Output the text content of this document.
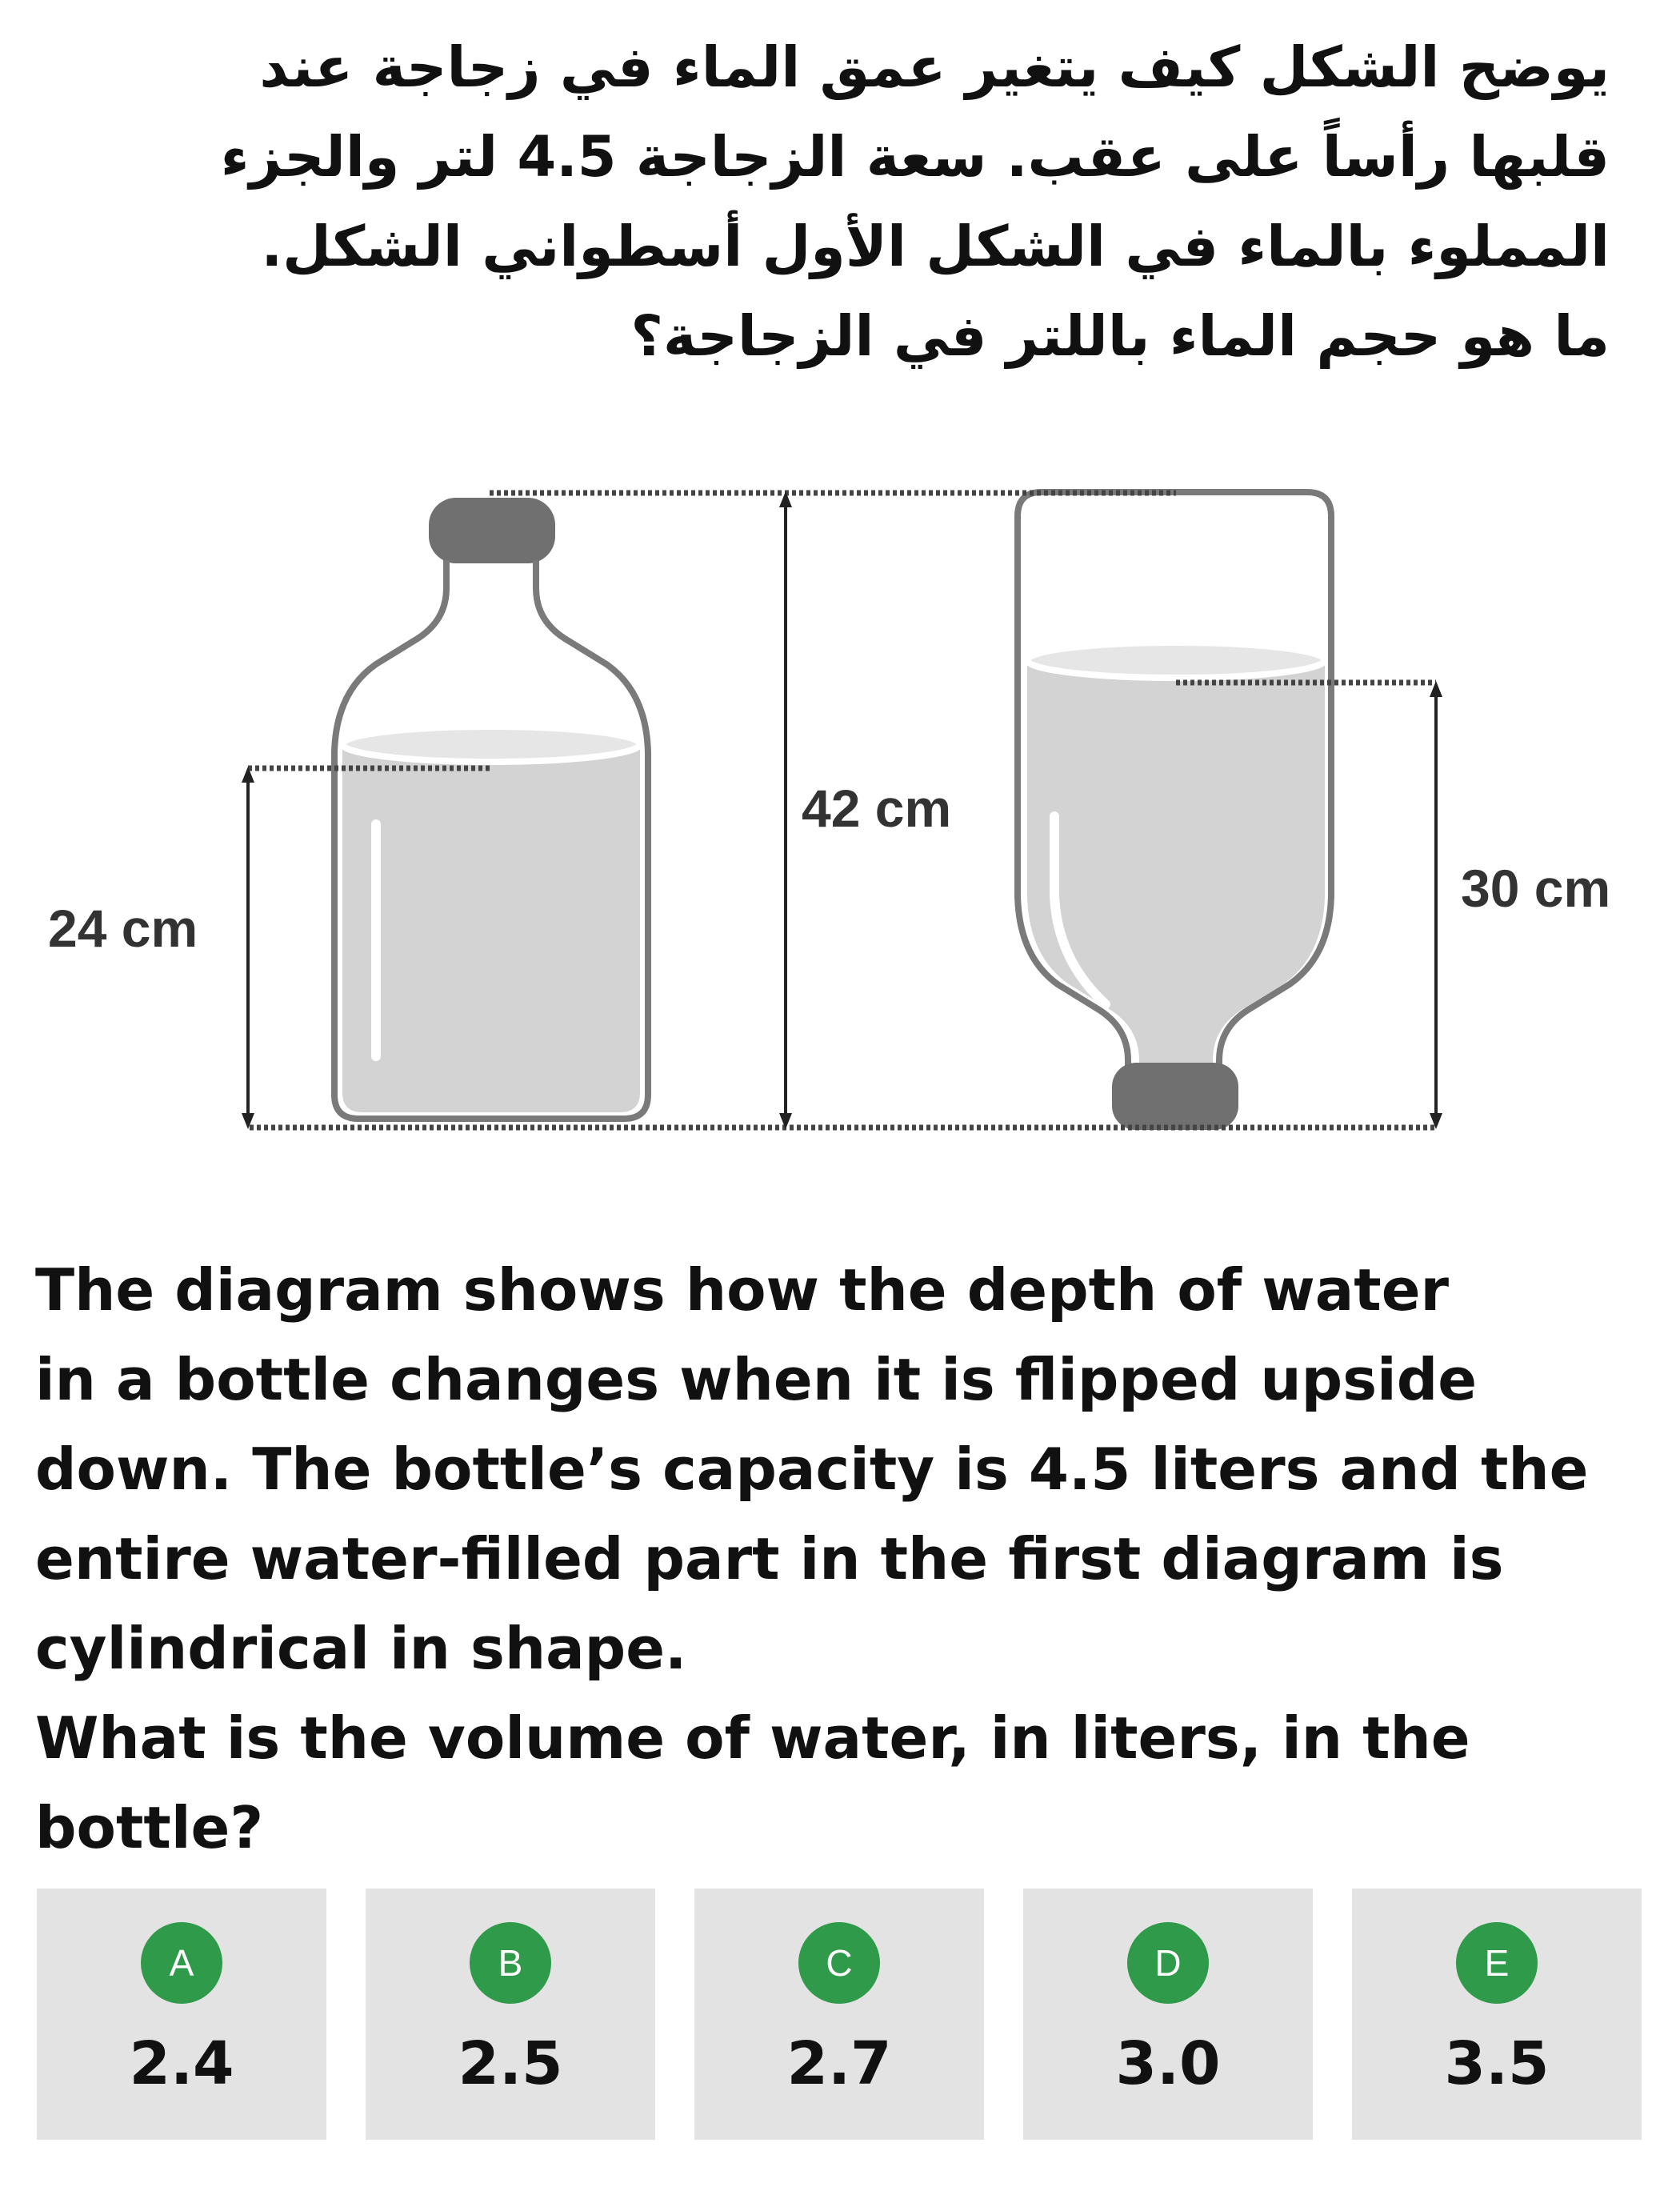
يوضح الشكل كيف يتغير عمق الماء في زجاجة عند
قلبها رأساً على عقب. سعة الزجاجة 4.5 لتر والجزء
المملوء بالماء في الشكل الأول أسطواني الشكل.
ما هو حجم الماء باللتر في الزجاجة؟
24 cm
42 cm
30 cm
The diagram shows how the depth of water
in a bottle changes when it is flipped upside
down. The bottle’s capacity is 4.5 liters and the
entire water-filled part in the first diagram is
cylindrical in shape.
What is the volume of water, in liters, in the
bottle?
A
2.4
B
2.5
C
2.7
D
3.0
E
3.5
